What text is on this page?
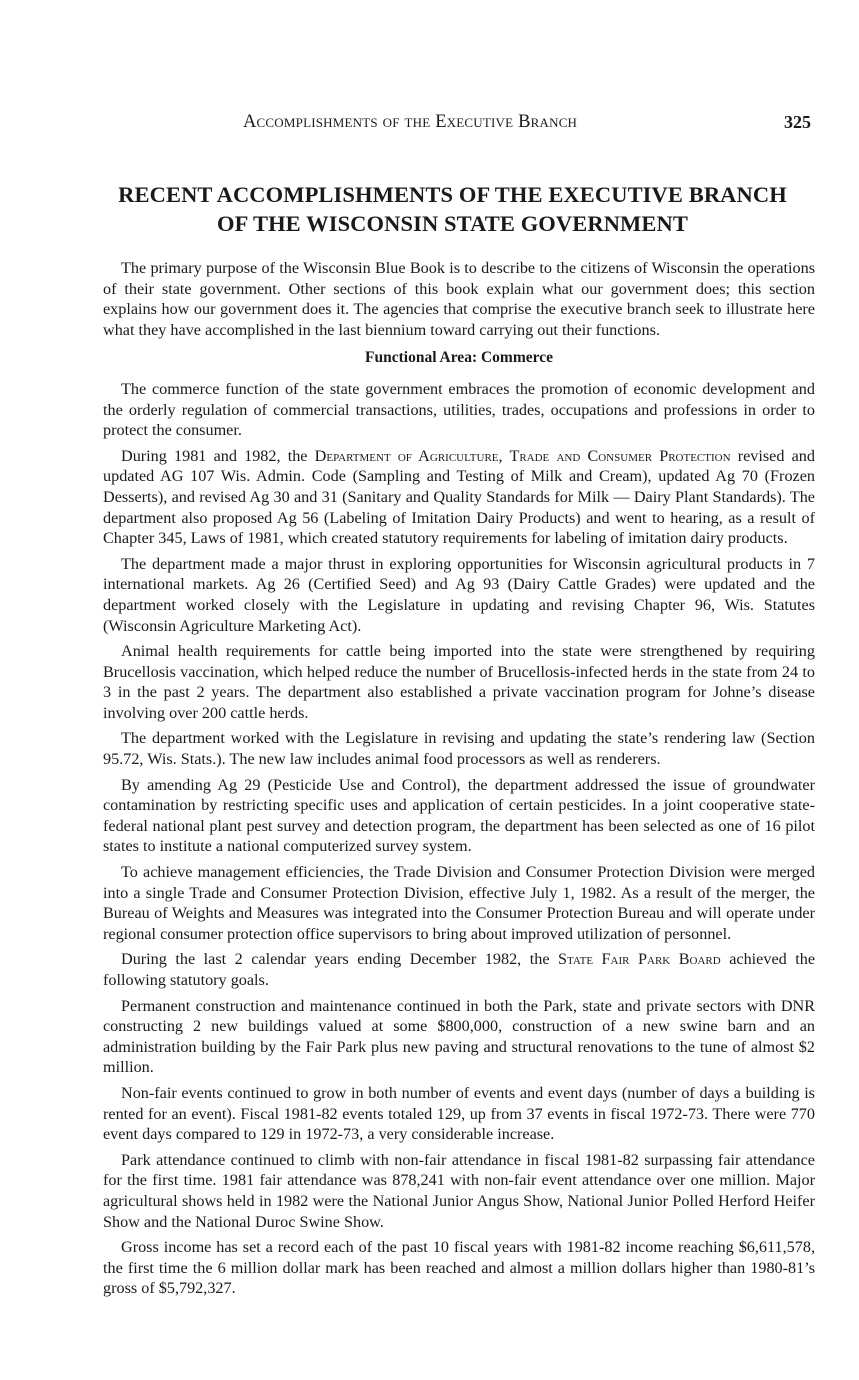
Accomplishments of the Executive Branch	325
RECENT ACCOMPLISHMENTS OF THE EXECUTIVE BRANCH
OF THE WISCONSIN STATE GOVERNMENT

The primary purpose of the Wisconsin Blue Book is to describe to the citizens of Wisconsin the operations of their state government. Other sections of this book explain what our government does; this section explains how our government does it. The agencies that comprise the executive branch seek to illustrate here what they have accomplished in the last biennium toward carrying out their functions.

Functional Area: Commerce

The commerce function of the state government embraces the promotion of economic development and the orderly regulation of commercial transactions, utilities, trades, occupations and professions in order to protect the consumer.

During 1981 and 1982, the Department of Agriculture, Trade and Consumer Protection revised and updated AG 107 Wis. Admin. Code (Sampling and Testing of Milk and Cream), updated Ag 70 (Frozen Desserts), and revised Ag 30 and 31 (Sanitary and Quality Standards for Milk — Dairy Plant Standards). The department also proposed Ag 56 (Labeling of Imitation Dairy Products) and went to hearing, as a result of Chapter 345, Laws of 1981, which created statutory requirements for labeling of imitation dairy products.

The department made a major thrust in exploring opportunities for Wisconsin agricultural products in 7 international markets. Ag 26 (Certified Seed) and Ag 93 (Dairy Cattle Grades) were updated and the department worked closely with the Legislature in updating and revising Chapter 96, Wis. Statutes (Wisconsin Agriculture Marketing Act).

Animal health requirements for cattle being imported into the state were strengthened by requiring Brucellosis vaccination, which helped reduce the number of Brucellosis-infected herds in the state from 24 to 3 in the past 2 years. The department also established a private vaccination program for Johne’s disease involving over 200 cattle herds.

The department worked with the Legislature in revising and updating the state’s rendering law (Section 95.72, Wis. Stats.). The new law includes animal food processors as well as renderers.

By amending Ag 29 (Pesticide Use and Control), the department addressed the issue of groundwater contamination by restricting specific uses and application of certain pesticides. In a joint cooperative state-federal national plant pest survey and detection program, the department has been selected as one of 16 pilot states to institute a national computerized survey system.

To achieve management efficiencies, the Trade Division and Consumer Protection Division were merged into a single Trade and Consumer Protection Division, effective July 1, 1982. As a result of the merger, the Bureau of Weights and Measures was integrated into the Consumer Protection Bureau and will operate under regional consumer protection office supervisors to bring about improved utilization of personnel.

During the last 2 calendar years ending December 1982, the State Fair Park Board achieved the following statutory goals.

Permanent construction and maintenance continued in both the Park, state and private sectors with DNR constructing 2 new buildings valued at some $800,000, construction of a new swine barn and an administration building by the Fair Park plus new paving and structural renovations to the tune of almost $2 million.

Non-fair events continued to grow in both number of events and event days (number of days a building is rented for an event). Fiscal 1981-82 events totaled 129, up from 37 events in fiscal 1972-73. There were 770 event days compared to 129 in 1972-73, a very considerable increase.

Park attendance continued to climb with non-fair attendance in fiscal 1981-82 surpassing fair attendance for the first time. 1981 fair attendance was 878,241 with non-fair event attendance over one million. Major agricultural shows held in 1982 were the National Junior Angus Show, National Junior Polled Herford Heifer Show and the National Duroc Swine Show.

Gross income has set a record each of the past 10 fiscal years with 1981-82 income reaching $6,611,578, the first time the 6 million dollar mark has been reached and almost a million dollars higher than 1980-81’s gross of $5,792,327.
